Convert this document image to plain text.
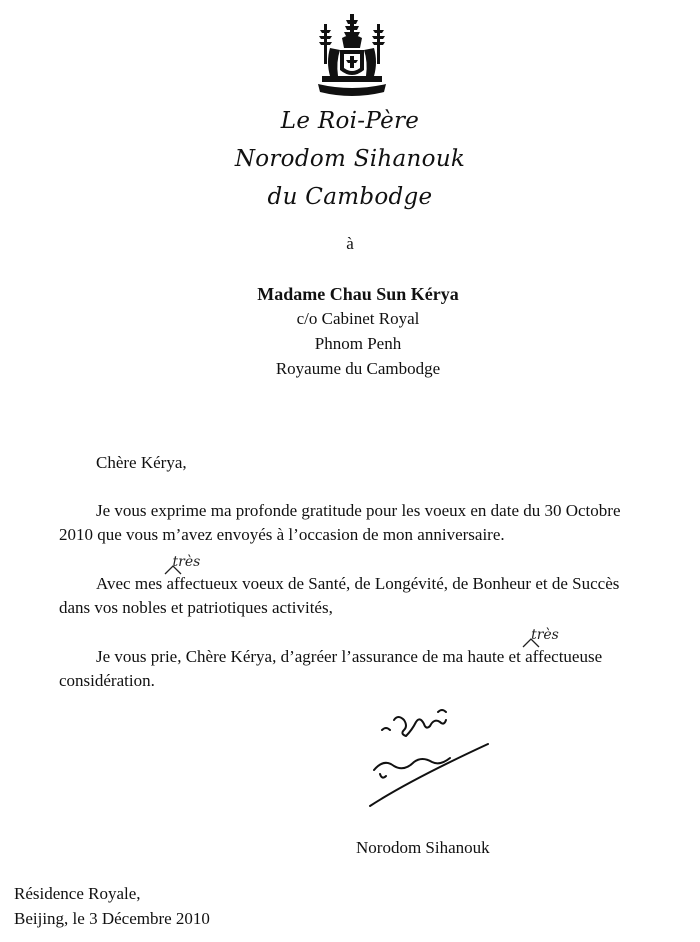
Le Roi-Père
Norodom Sihanouk
du Cambodge
à
Madame Chau Sun Kérya
c/o Cabinet Royal
Phnom Penh
Royaume du Cambodge
Chère Kérya,
Je vous exprime ma profonde gratitude pour les voeux en date du 30 Octobre
2010 que vous m’avez envoyés à l’occasion de mon anniversaire.
Avec mes
très
affectueux voeux de Santé, de Longévité, de Bonheur et de Succès
dans vos nobles et patriotiques activités,
Je vous prie, Chère Kérya, d’agréer l’assurance de ma haute et
très
affectueuse
considération.
Norodom Sihanouk
Résidence Royale,
Beijing, le 3 Décembre 2010
